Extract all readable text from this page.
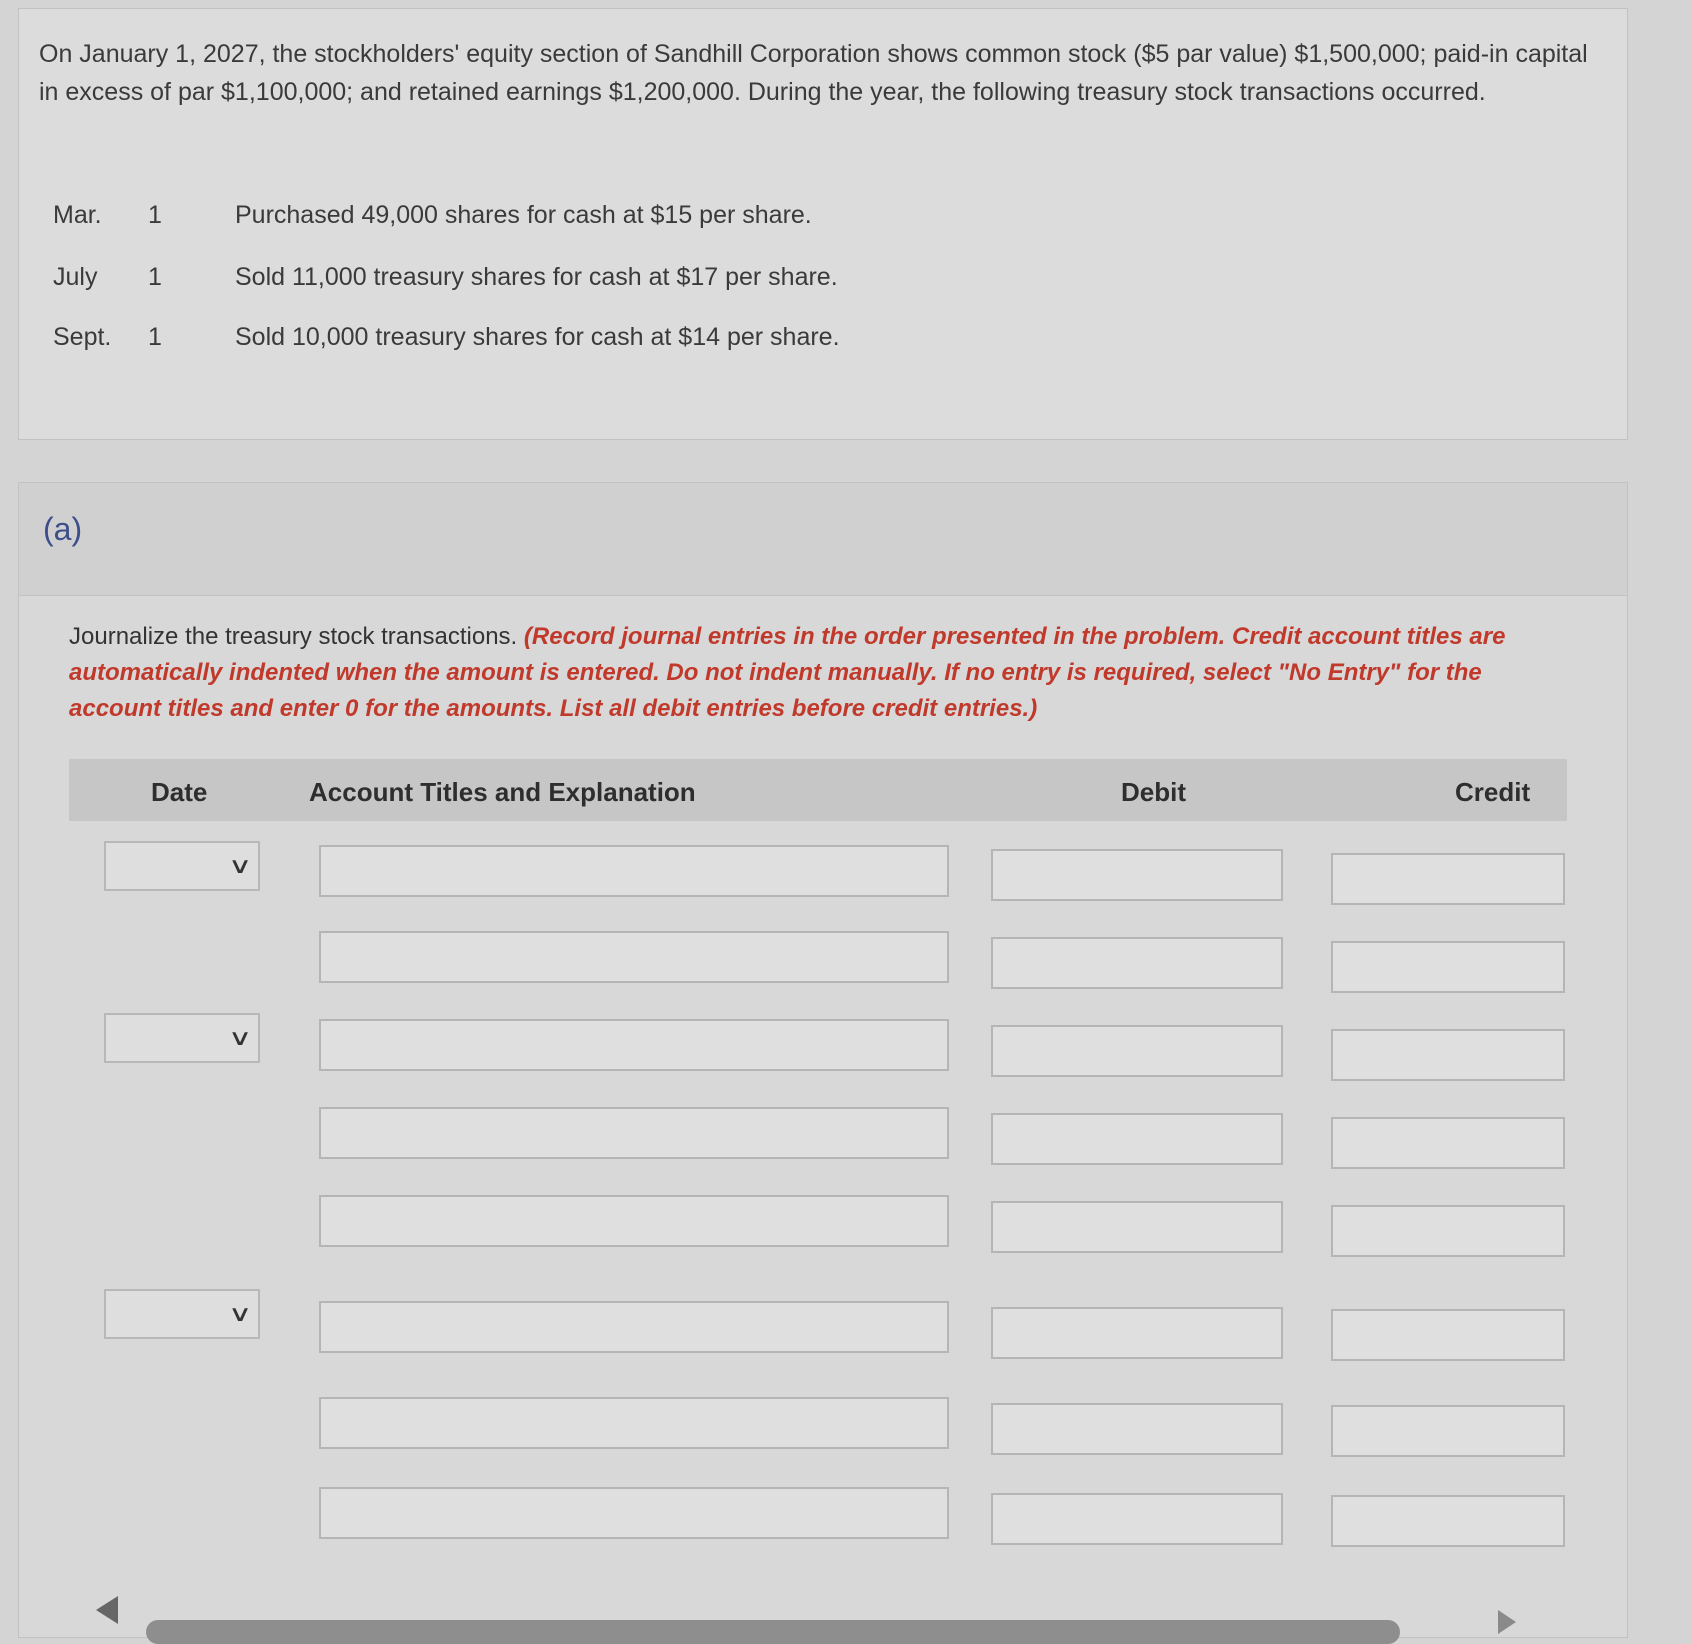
On January 1, 2027, the stockholders' equity section of Sandhill Corporation shows common stock ($5 par value) $1,500,000; paid-in capital in excess of par $1,100,000; and retained earnings $1,200,000. During the year, the following treasury stock transactions occurred.
Mar.	1	Purchased 49,000 shares for cash at $15 per share.
July	1	Sold 11,000 treasury shares for cash at $17 per share.
Sept.	1	Sold 10,000 treasury shares for cash at $14 per share.
(a)
Journalize the treasury stock transactions. (Record journal entries in the order presented in the problem. Credit account titles are automatically indented when the amount is entered. Do not indent manually. If no entry is required, select "No Entry" for the account titles and enter 0 for the amounts. List all debit entries before credit entries.)
Date	Account Titles and Explanation	Debit	Credit
∨
∨
∨
